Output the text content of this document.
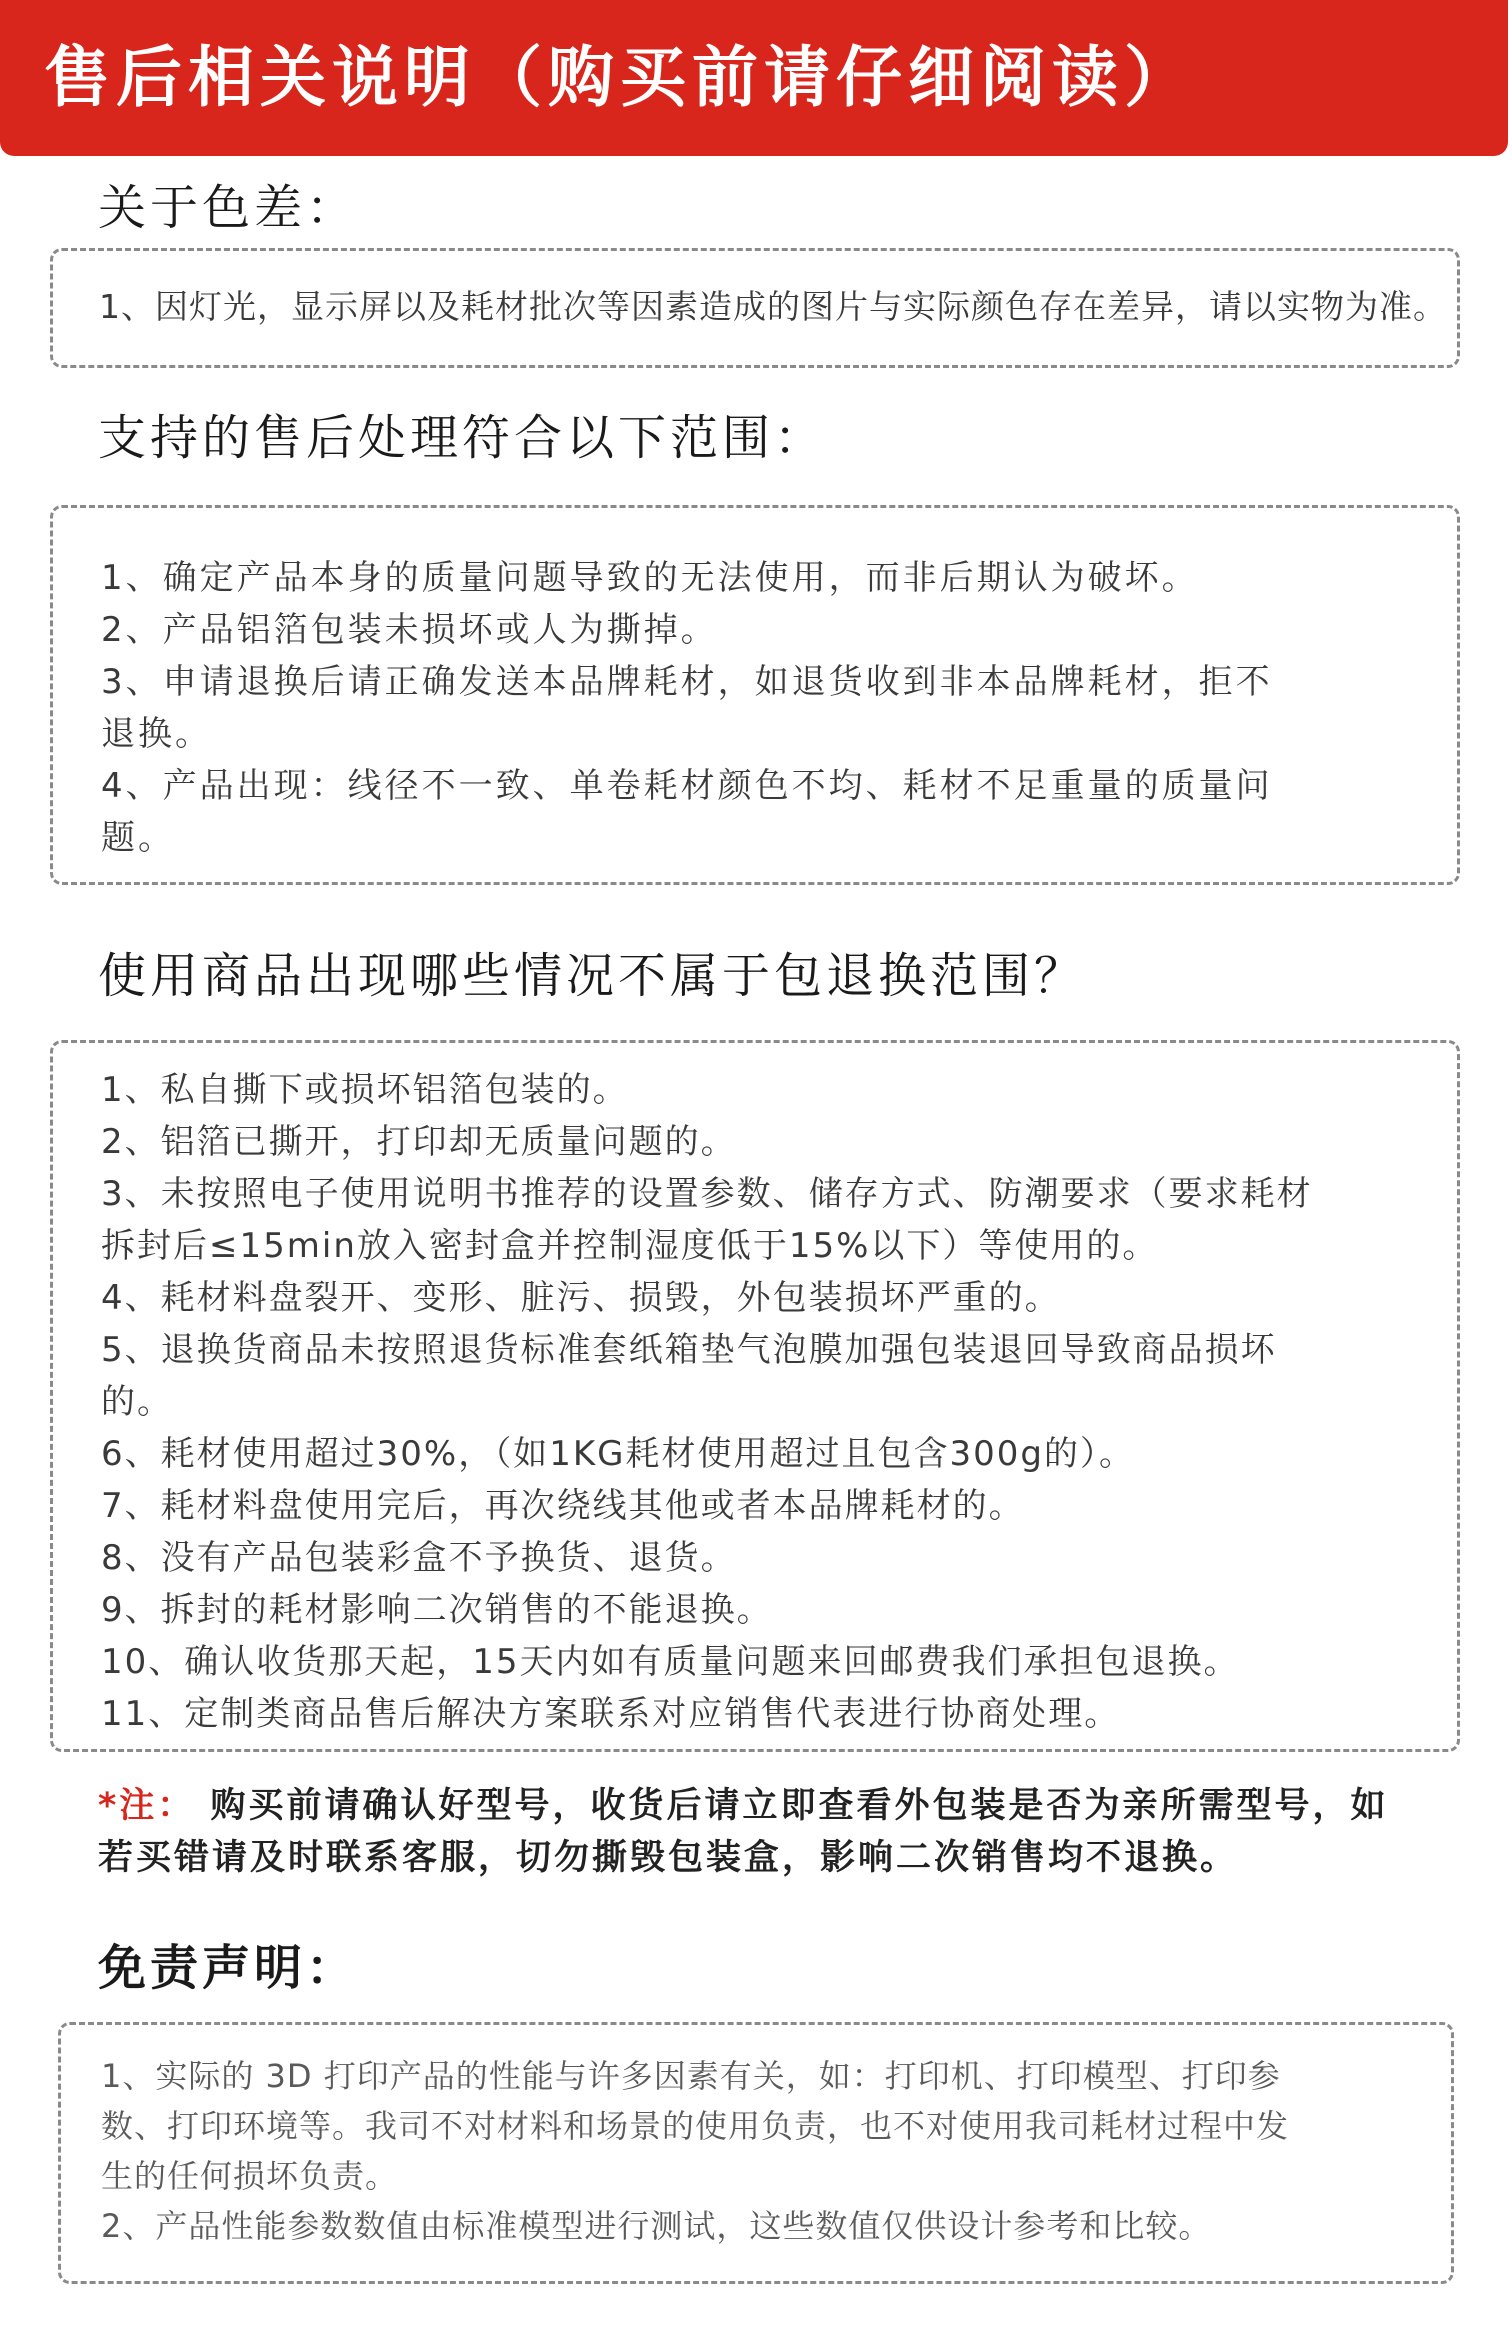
售后相关说明（购买前请仔细阅读）
关于色差：
1、因灯光，显示屏以及耗材批次等因素造成的图片与实际颜色存在差异，请以实物为准。
支持的售后处理符合以下范围：
1、确定产品本身的质量问题导致的无法使用，而非后期认为破坏。
2、产品铝箔包装未损坏或人为撕掉。
3、申请退换后请正确发送本品牌耗材，如退货收到非本品牌耗材，拒不
退换。
4、产品出现：线径不一致、单卷耗材颜色不均、耗材不足重量的质量问
题。
使用商品出现哪些情况不属于包退换范围？
1、私自撕下或损坏铝箔包装的。
2、铝箔已撕开，打印却无质量问题的。
3、未按照电子使用说明书推荐的设置参数、储存方式、防潮要求（要求耗材
拆封后≤15min放入密封盒并控制湿度低于15%以下）等使用的。
4、耗材料盘裂开、变形、脏污、损毁，外包装损坏严重的。
5、退换货商品未按照退货标准套纸箱垫气泡膜加强包装退回导致商品损坏
的。
6、耗材使用超过30%，（如1KG耗材使用超过且包含300g的）。
7、耗材料盘使用完后，再次绕线其他或者本品牌耗材的。
8、没有产品包装彩盒不予换货、退货。
9、拆封的耗材影响二次销售的不能退换。
10、确认收货那天起，15天内如有质量问题来回邮费我们承担包退换。
11、定制类商品售后解决方案联系对应销售代表进行协商处理。
*注： 购买前请确认好型号，收货后请立即查看外包装是否为亲所需型号，如
若买错请及时联系客服，切勿撕毁包装盒，影响二次销售均不退换。
免责声明：
1、实际的 3D 打印产品的性能与许多因素有关，如：打印机、打印模型、打印参
数、打印环境等。我司不对材料和场景的使用负责，也不对使用我司耗材过程中发
生的任何损坏负责。
2、产品性能参数数值由标准模型进行测试，这些数值仅供设计参考和比较。
